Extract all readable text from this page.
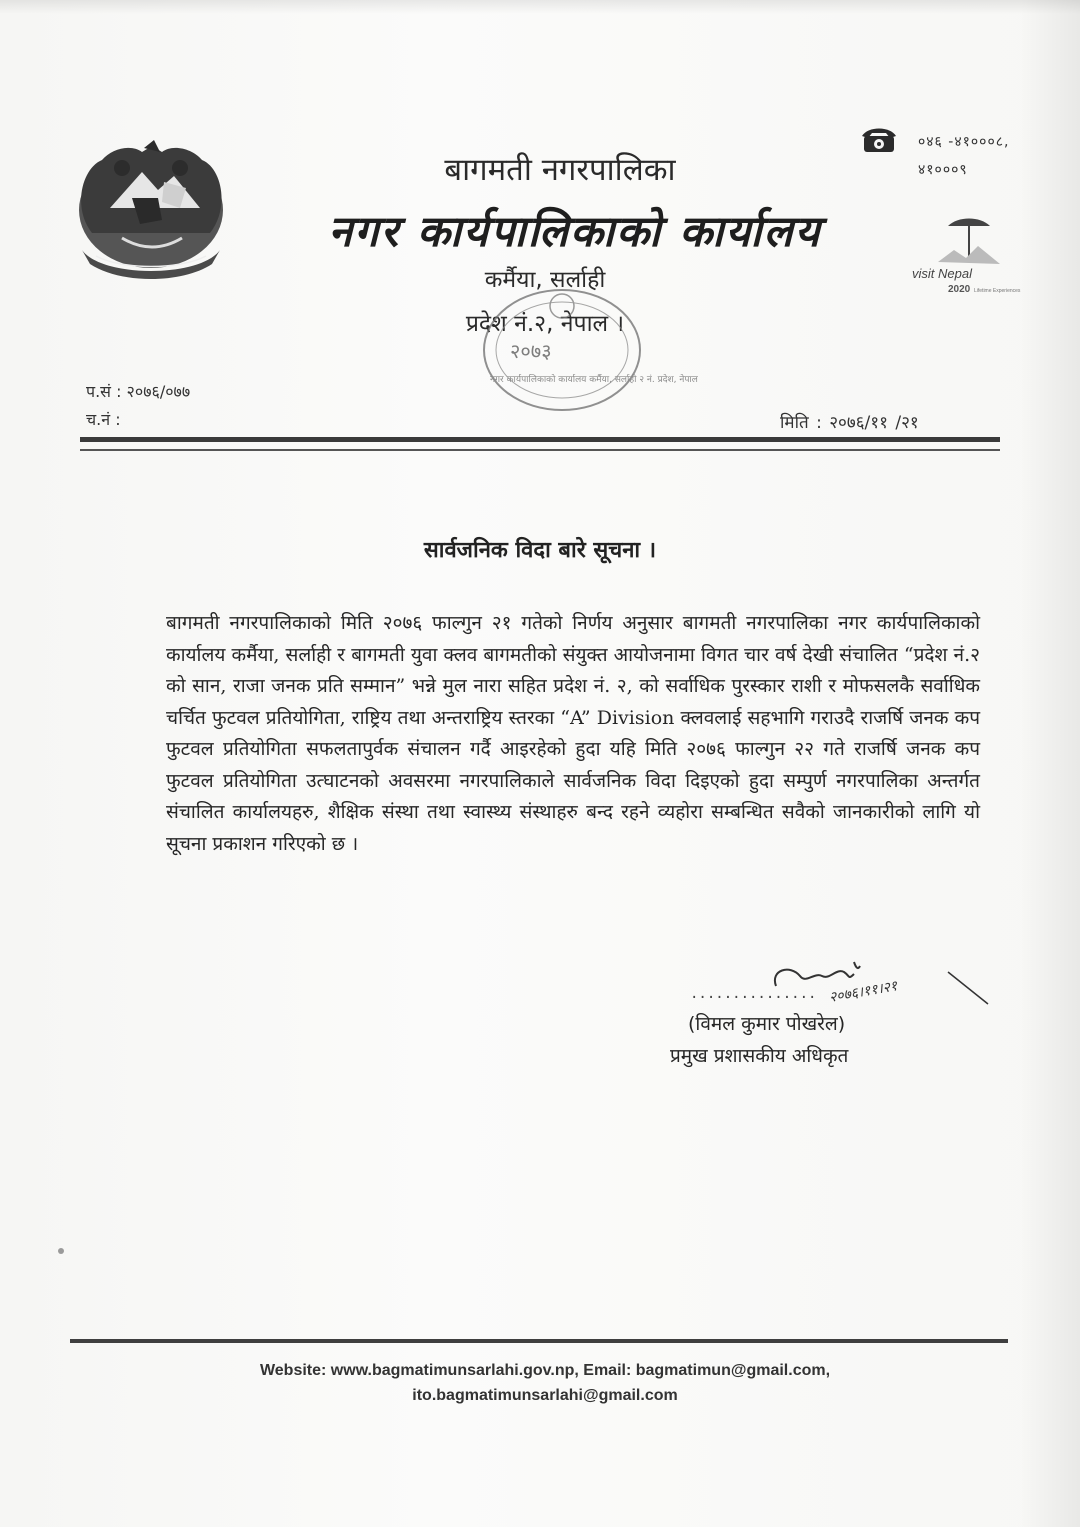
बागमती नगरपालिका
नगर कार्यपालिकाको कार्यालय
कर्मैया, सर्लाही
प्रदेश नं.२, नेपाल ।
०४६ -४१०००८,
४१०००९
visit Nepal
2020 Lifetime Experiences
२०७३
नगर कार्यपालिकाको कार्यालय कर्मैया, सर्लाही २ नं. प्रदेश, नेपाल
प.सं : २०७६/०७७
च.नं :	मिति : २०७६/११ /२१
सार्वजनिक विदा बारे सूचना ।
बागमती नगरपालिकाको मिति २०७६ फाल्गुन २१ गतेको निर्णय अनुसार बागमती नगरपालिका नगर कार्यपालिकाको कार्यालय कर्मैया, सर्लाही र बागमती युवा क्लव बागमतीको संयुक्त आयोजनामा विगत चार वर्ष देखी संचालित “प्रदेश नं.२ को सान, राजा जनक प्रति सम्मान” भन्ने मुल नारा सहित प्रदेश नं. २, को सर्वाधिक पुरस्कार राशी र मोफसलकै सर्वाधिक चर्चित फुटवल प्रतियोगिता, राष्ट्रिय तथा अन्तराष्ट्रिय स्तरका “A” Division क्लवलाई सहभागि गराउदै राजर्षि जनक कप फुटवल प्रतियोगिता सफलतापुर्वक संचालन गर्दै आइरहेको हुदा यहि मिति २०७६ फाल्गुन २२ गते राजर्षि जनक कप फुटवल प्रतियोगिता उत्घाटनको अवसरमा नगरपालिकाले सार्वजनिक विदा दिइएको हुदा सम्पुर्ण नगरपालिका अन्तर्गत संचालित कार्यालयहरु, शैक्षिक संस्था तथा स्वास्थ्य संस्थाहरु बन्द रहने व्यहोरा सम्बन्धित सवैको जानकारीको लागि यो सूचना प्रकाशन गरिएको छ ।
............... २०७६।११।२१
(विमल कुमार पोखरेल)
प्रमुख प्रशासकीय अधिकृत
Website: www.bagmatimunsarlahi.gov.np, Email: bagmatimun@gmail.com,
ito.bagmatimunsarlahi@gmail.com
